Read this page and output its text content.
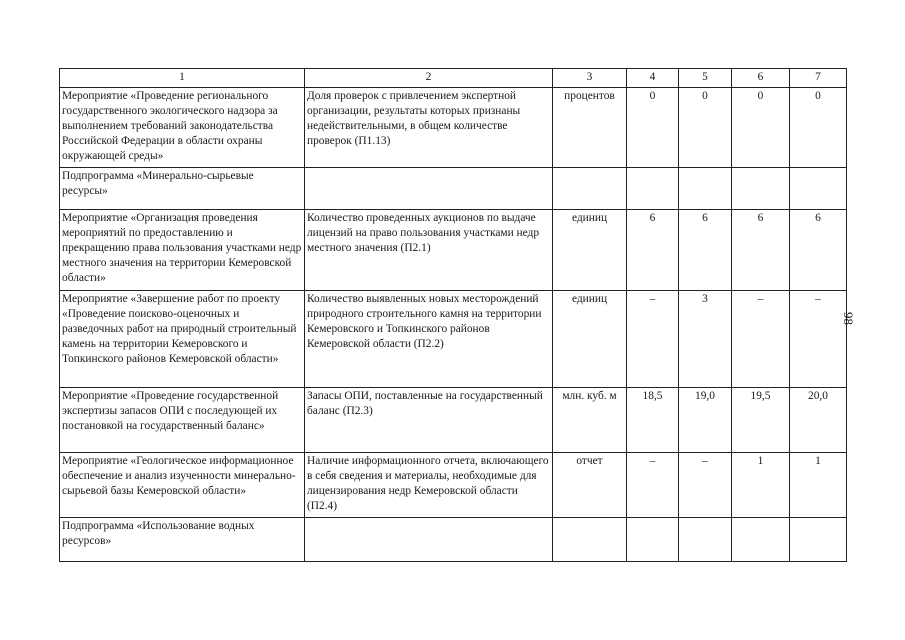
1	2	3	4	5	6	7
Мероприятие «Проведение регионального государственного экологического надзора за выполнением требований законодательства Российской Федерации в области охраны окружающей среды»	Доля проверок с привлечением экспертной организации, результаты которых признаны недействительными, в общем количестве проверок (П1.13)	процентов	0	0	0	0
Подпрограмма «Минерально-сырьевые ресурсы»						
Мероприятие «Организация проведения мероприятий по предоставлению и прекращению права пользования участками недр местного значения на территории Кемеровской области»	Количество проведенных аукционов по выдаче лицензий на право пользования участками недр местного значения (П2.1)	единиц	6	6	6	6
Мероприятие «Завершение работ по проекту «Проведение поисково-оценочных и разведочных работ на природный строительный камень на территории Кемеровского и Топкинского районов Кемеровской области»	Количество выявленных новых месторождений природного строительного камня на территории Кемеровского и Топкинского районов Кемеровской области (П2.2)	единиц	–	3	–	–
Мероприятие «Проведение государственной экспертизы запасов ОПИ с последующей их постановкой на государственный баланс»	Запасы ОПИ, поставленные на государственный баланс (П2.3)	млн. куб. м	18,5	19,0	19,5	20,0
Мероприятие «Геологическое информационное обеспечение и анализ изученности минерально-сырьевой базы Кемеровской области»	Наличие информационного отчета, включающего в себя сведения и материалы, необходимые для лицензирования недр Кемеровской области (П2.4)	отчет	–	–	1	1
Подпрограмма «Использование водных ресурсов»						
98
